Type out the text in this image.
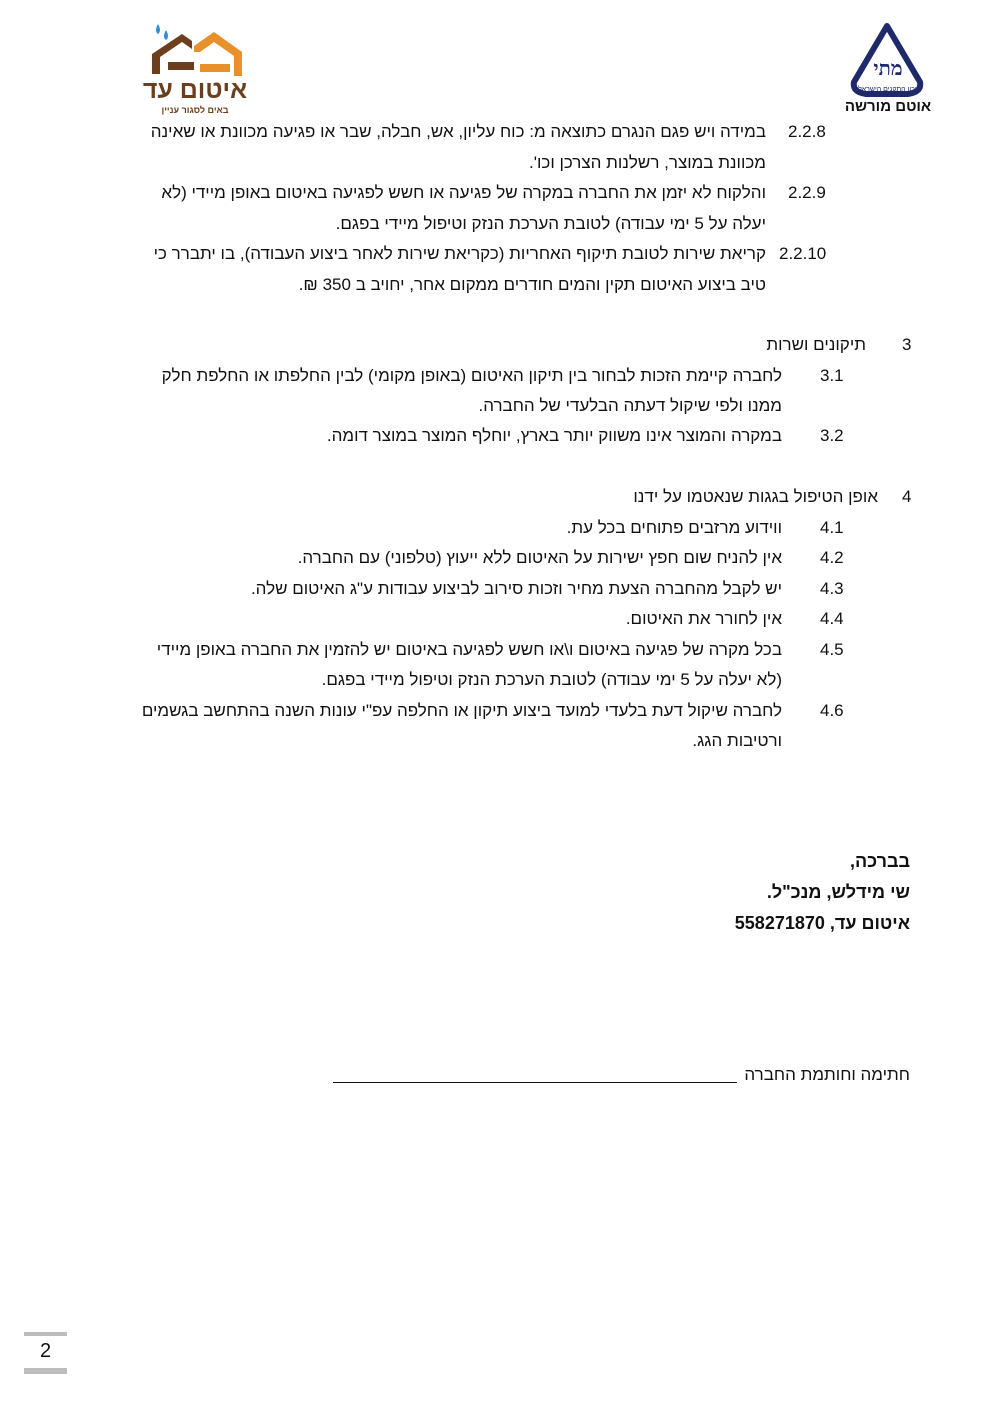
איטום עד
באים לסגור עניין
מתי
מכון התקנים הישראלי
אוטם מורשה
2.2.8
במידה ויש פגם הנגרם כתוצאה מ: כוח עליון, אש, חבלה, שבר או פגיעה מכוונת או שאינה
מכוונת במוצר, רשלנות הצרכן וכו'.
2.2.9
והלקוח לא יזמן את החברה במקרה של פגיעה או חשש לפגיעה באיטום באופן מיידי (לא
יעלה על 5 ימי עבודה) לטובת הערכת הנזק וטיפול מיידי בפגם.
2.2.10
קריאת שירות לטובת תיקוף האחריות (כקריאת שירות לאחר ביצוע העבודה), בו יתברר כי
טיב ביצוע האיטום תקין והמים חודרים ממקום אחר, יחויב ב 350 ₪.
3
תיקונים ושרות
3.1
לחברה קיימת הזכות לבחור בין תיקון האיטום (באופן מקומי) לבין החלפתו או החלפת חלק
ממנו ולפי שיקול דעתה הבלעדי של החברה.
3.2
במקרה והמוצר אינו משווק יותר בארץ, יוחלף המוצר במוצר דומה.
4
אופן הטיפול בגגות שנאטמו על ידנו
4.1
ווידוע מרזבים פתוחים בכל עת.
4.2
אין להניח שום חפץ ישירות על האיטום ללא ייעוץ (טלפוני) עם החברה.
4.3
יש לקבל מהחברה הצעת מחיר וזכות סירוב לביצוע עבודות ע"ג האיטום שלה.
4.4
אין לחורר את האיטום.
4.5
בכל מקרה של פגיעה באיטום ו\או חשש לפגיעה באיטום יש להזמין את החברה באופן מיידי
(לא יעלה על 5 ימי עבודה) לטובת הערכת הנזק וטיפול מיידי בפגם.
4.6
לחברה שיקול דעת בלעדי למועד ביצוע תיקון או החלפה עפ"י עונות השנה בהתחשב בגשמים
ורטיבות הגג.
בברכה,
שי מידלש, מנכ"ל.
איטום עד, 558271870
חתימה וחותמת החברה
2
